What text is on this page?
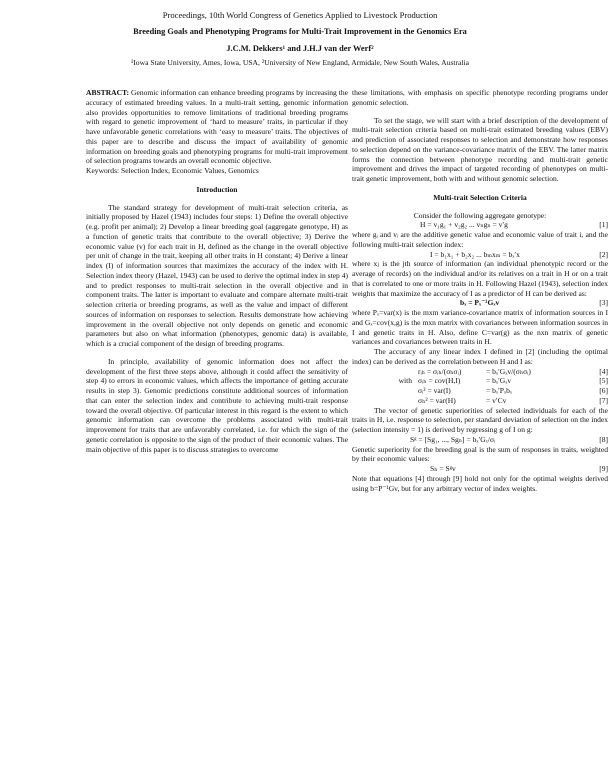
Proceedings, 10th World Congress of Genetics Applied to Livestock Production
Breeding Goals and Phenotyping Programs for Multi-Trait Improvement in the Genomics Era
J.C.M. Dekkers¹ and J.H.J van der Werf²
¹Iowa State University, Ames, Iowa, USA, ²University of New England, Armidale, New South Wales, Australia

ABSTRACT: Genomic information can enhance breeding programs by increasing the accuracy of estimated breeding values. In a multi-trait setting, genomic information also provides opportunities to remove limitations of traditional breeding programs with regard to genetic improvement of ‘hard to measure’ traits, in particular if they have unfavorable genetic correlations with ‘easy to measure’ traits. The objectives of this paper are to describe and discuss the impact of availability of genomic information on breeding goals and phenotyping programs for multi-trait improvement of selection programs towards an overall economic objective.

Keywords: Selection Index, Economic Values, Genomics

Introduction

The standard strategy for development of multi-trait selection criteria, as initially proposed by Hazel (1943) includes four steps: 1) Define the overall objective (e.g. profit per animal); 2) Develop a linear breeding goal (aggregate genotype, H) as a function of genetic traits that contribute to the overall objective; 3) Derive the economic value (v) for each trait in H, defined as the change in the overall objective per unit of change in the trait, keeping all other traits in H constant; 4) Derive a linear index (I) of information sources that maximizes the accuracy of the index with H. Selection index theory (Hazel, 1943) can be used to derive the optimal index in step 4) and to predict responses to multi-trait selection in the overall objective and in component traits. The latter is important to evaluate and compare alternate multi-trait selection criteria or breeding programs, as well as the value and impact of different sources of information on responses to selection. Results demonstrate how achieving improvement in the overall objective not only depends on genetic and economic parameters but also on what information (phenotypes, genomic data) is available, which is a crucial component of the design of breeding programs.

In principle, availability of genomic information does not affect the development of the first three steps above, although it could affect the sensitivity of step 4) to errors in economic values, which affects the importance of getting accurate results in step 3). Genomic predictions constitute additional sources of information that can enter the selection index and contribute to achieving multi-trait response toward the overall objective. Of particular interest in this regard is the extent to which genomic information can overcome the problems associated with multi-trait improvement for traits that are unfavorably correlated, i.e. for which the sign of the genetic correlation is opposite to the sign of the product of their economic values. The main objective of this paper is to discuss strategies to overcome

these limitations, with emphasis on specific phenotype recording programs under genomic selection.

To set the stage, we will start with a brief description of the development of multi-trait selection criteria based on multi-trait estimated breeding values (EBV) and prediction of associated responses to selection and demonstrate how responses to selection depend on the variance-covariance matrix of the EBV. The latter matrix forms the connection between phenotype recording and multi-trait genetic improvement and drives the impact of targeted recording of phenotypes on multi-trait genetic improvement, both with and without genomic selection.

Multi-trait Selection Criteria

Consider the following aggregate genotype:

H = v₁g₁ + v₂g₂ ... vₙgₙ = v′g	[1]

where gᵢ and vᵢ are the additive genetic value and economic value of trait i, and the following multi-trait selection index:

I = b₁x₁ + b₂x₂ ... bₘxₘ = bₓ′x	[2]

where xⱼ is the jth source of information (an individual phenotypic record or the average of records) on the individual and/or its relatives on a trait in H or on a trait that is correlated to one or more traits in H. Following Hazel (1943), selection index weights that maximize the accuracy of I as a predictor of H can be derived as:

bₓ = Pₓ⁻¹Gₓv	[3]

where Pₓ=var(x) is the mxm variance-covariance matrix of information sources in I and Gₓ=cov(x,g) is the mxn matrix with covariances between information sources in I and genetic traits in H. Also, define C=var(g) as the nxn matrix of genetic variances and covariances between traits in H.

The accuracy of any linear index I defined in [2] (including the optimal index) can be derived as the correlation between H and I as:

rᵢₕ = σᵢₕ/(σₕσᵢ)	= bₓ′Gₓv/(σₕσᵢ)	[4]
with σᵢₕ = cov(H,I)	= bₓ′Gₓv	[5]
σᵢ² = var(I)	= bₓ′Pₓbₓ	[6]
σₕ² = var(H)	= v′Cv	[7]

The vector of genetic superiorities of selected individuals for each of the traits in H, i.e. response to selection, per standard deviation of selection on the index (selection intensity = 1) is derived by regressing g of I on g:

Sᵍ = [Sg₁, ..., Sgₙ] = bₓ′Gₓ/σᵢ	[8]

Genetic superiority for the breeding goal is the sum of responses in traits, weighted by their economic values:

Sₕ = Sᵍv	[9]

Note that equations [4] through [9] hold not only for the optimal weights derived using b=P⁻¹Gv, but for any arbitrary vector of index weights.
